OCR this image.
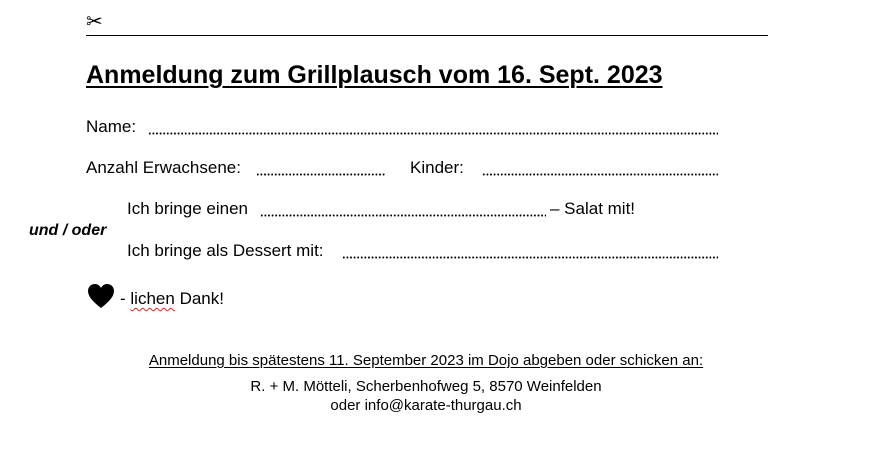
✂
Anmeldung zum Grillplausch vom 16. Sept. 2023
Name:
Anzahl Erwachsene:	Kinder:
Ich bringe einen	– Salat mit!
und / oder
Ich bringe als Dessert mit:
- lichen Dank!
Anmeldung bis spätestens 11. September 2023 im Dojo abgeben oder schicken an:
R. + M. Mötteli, Scherbenhofweg 5, 8570 Weinfelden
oder info@karate-thurgau.ch
